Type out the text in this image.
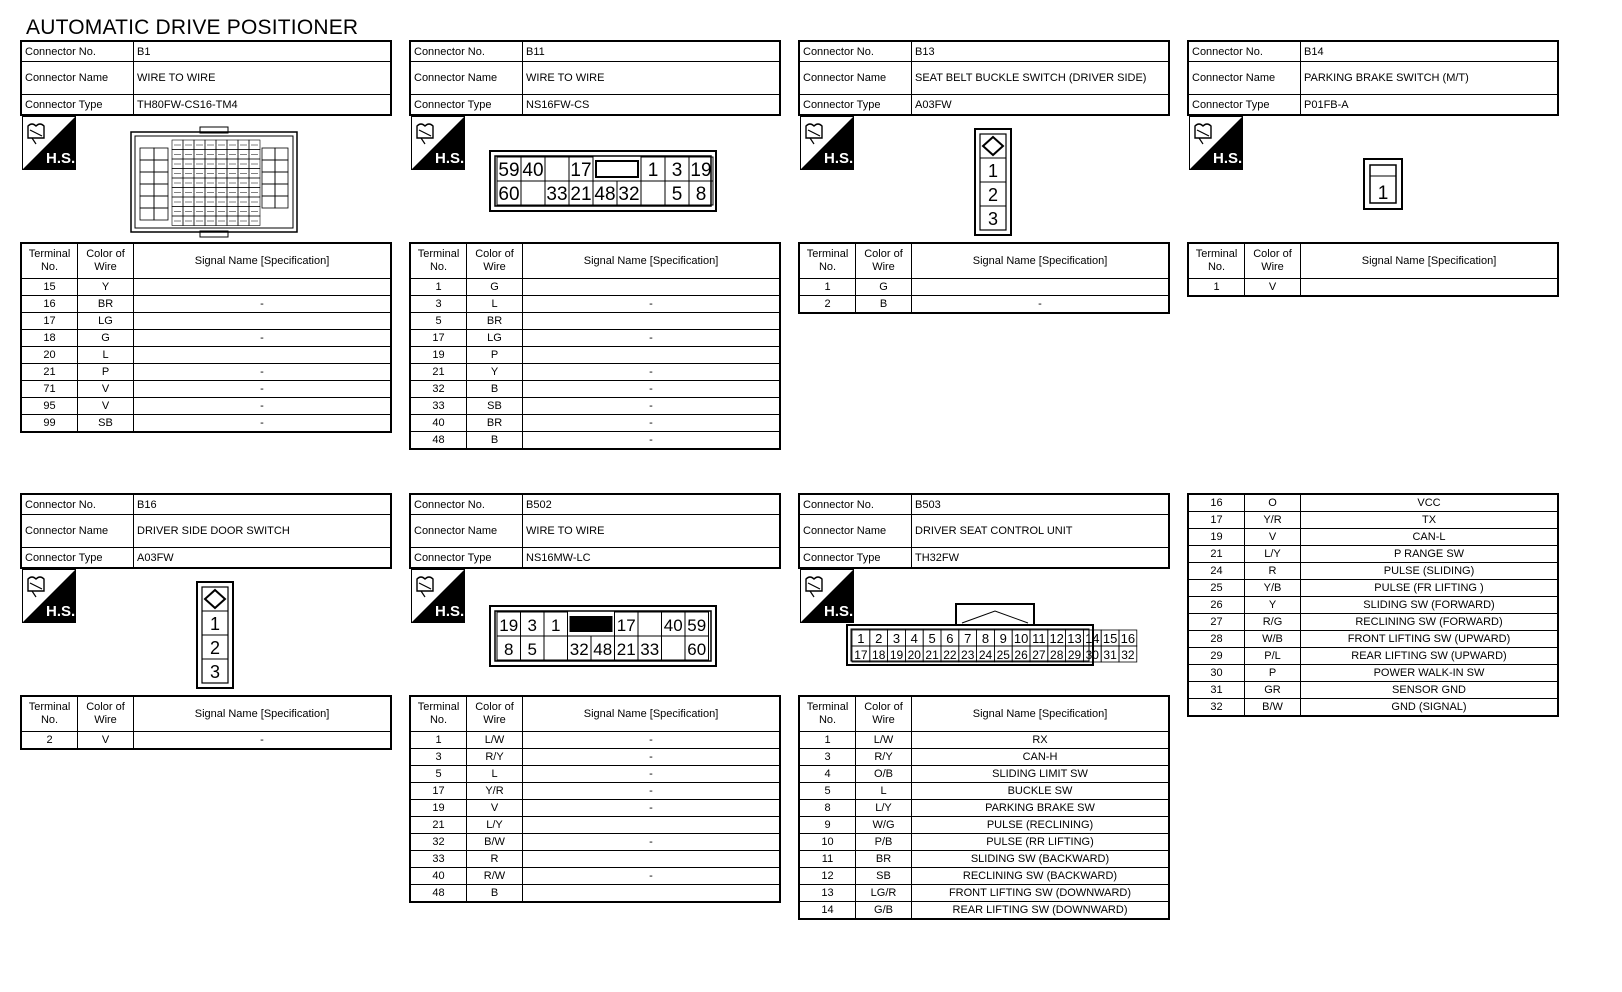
AUTOMATIC DRIVE POSITIONER
Connector No.	B1
Connector Name	WIRE TO WIRE
Connector Type	TH80FW-CS16-TM4
H.S.
Terminal No.	Color of Wire	Signal Name [Specification]
15	Y	
16	BR	-
17	LG	
18	G	-
20	L	
21	P	-
71	V	-
95	V	-
99	SB	-
Connector No.	B11
Connector Name	WIRE TO WIRE
Connector Type	NS16FW-CS
H.S.
Terminal No.	Color of Wire	Signal Name [Specification]
1	G	
3	L	-
5	BR	
17	LG	-
19	P	
21	Y	-
32	B	-
33	SB	-
40	BR	-
48	B	-
59 40 17	1 3 19
60 33 21 48 32 5 8
Connector No.	B13
Connector Name	SEAT BELT BUCKLE SWITCH (DRIVER SIDE)
Connector Type	A03FW
H.S.
Terminal No.	Color of Wire	Signal Name [Specification]
1	G	
2	B	-
1
2
3
Connector No.	B14
Connector Name	PARKING BRAKE SWITCH (M/T)
Connector Type	P01FB-A
H.S.
Terminal No.	Color of Wire	Signal Name [Specification]
1	V	
1
Connector No.	B16
Connector Name	DRIVER SIDE DOOR SWITCH
Connector Type	A03FW
H.S.
Terminal No.	Color of Wire	Signal Name [Specification]
2	V	-
1
2
3
Connector No.	B502
Connector Name	WIRE TO WIRE
Connector Type	NS16MW-LC
H.S.
Terminal No.	Color of Wire	Signal Name [Specification]
1	L/W	-
3	R/Y	-
5	L	-
17	Y/R	-
19	V	-
21	L/Y	
32	B/W	-
33	R	
40	R/W	-
48	B	
19 3 1	17 40 59
8 5 32 48 21 33 60
Connector No.	B503
Connector Name	DRIVER SEAT CONTROL UNIT
Connector Type	TH32FW
H.S.
Terminal No.	Color of Wire	Signal Name [Specification]
1	L/W	RX
3	R/Y	CAN-H
4	O/B	SLIDING LIMIT SW
5	L	BUCKLE SW
8	L/Y	PARKING BRAKE SW
9	W/G	PULSE (RECLINING)
10	P/B	PULSE (RR LIFTING)
11	BR	SLIDING SW (BACKWARD)
12	SB	RECLINING SW (BACKWARD)
13	LG/R	FRONT LIFTING SW (DOWNWARD)
14	G/B	REAR LIFTING SW (DOWNWARD)
1 2 3 4 5 6 7 8 9 10 11 12 13 14 15 16
17 18 19 20 21 22 23 24 25 26 27 28 29 30 31 32
16	O	VCC
17	Y/R	TX
19	V	CAN-L
21	L/Y	P RANGE SW
24	R	PULSE (SLIDING)
25	Y/B	PULSE (FR LIFTING )
26	Y	SLIDING SW (FORWARD)
27	R/G	RECLINING SW (FORWARD)
28	W/B	FRONT LIFTING SW (UPWARD)
29	P/L	REAR LIFTING SW (UPWARD)
30	P	POWER WALK-IN SW
31	GR	SENSOR GND
32	B/W	GND (SIGNAL)
